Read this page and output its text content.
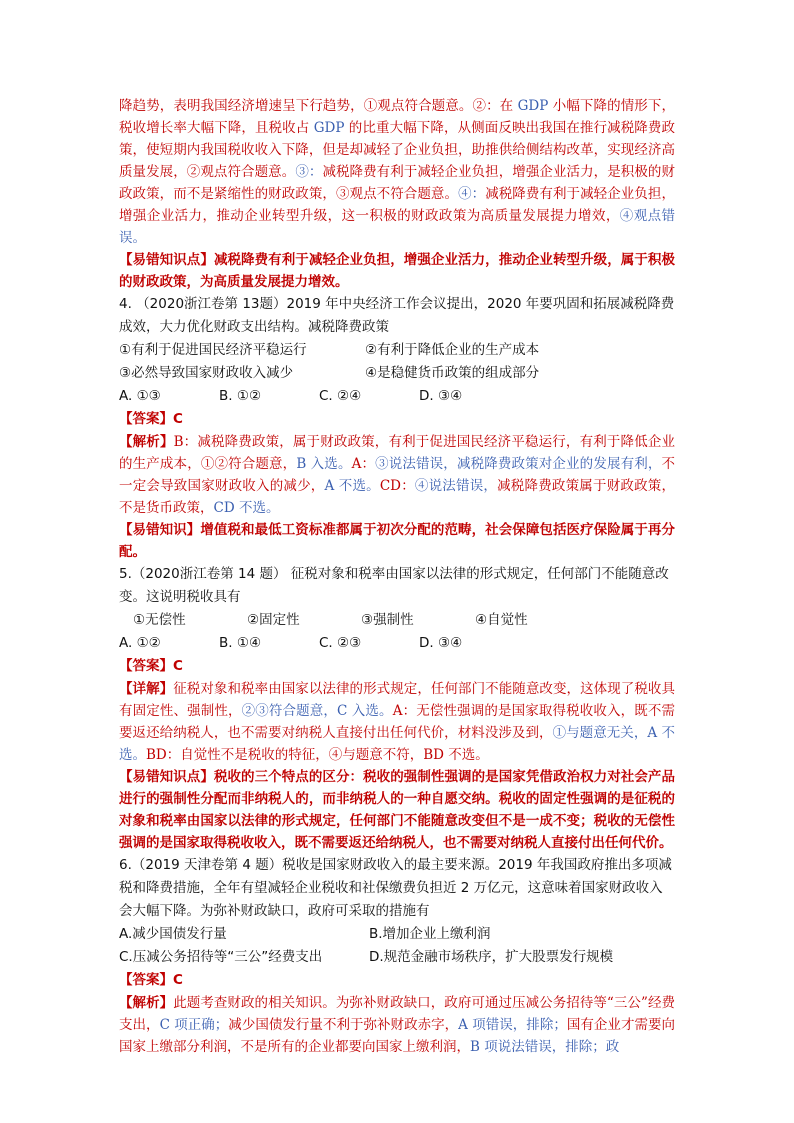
降趋势，表明我国经济增速呈下行趋势，①观点符合题意。②：在 GDP 小幅下降的情形下，税收增长率大幅下降，且税收占 GDP 的比重大幅下降，从侧面反映出我国在推行减税降费政策，使短期内我国税收收入下降，但是却减轻了企业负担，助推供给侧结构改革，实现经济高质量发展，②观点符合题意。③：减税降费有利于减轻企业负担，增强企业活力，是积极的财政政策，而不是紧缩性的财政政策，③观点不符合题意。④：减税降费有利于减轻企业负担，增强企业活力，推动企业转型升级，这一积极的财政政策为高质量发展提力增效，④观点错误。

【易错知识点】减税降费有利于减轻企业负担，增强企业活力，推动企业转型升级，属于积极的财政政策，为高质量发展提力增效。

4. （2020浙江卷第 13题）2019 年中央经济工作会议提出，2020 年要巩固和拓展减税降费成效，大力优化财政支出结构。减税降费政策

①有利于促进国民经济平稳运行	②有利于降低企业的生产成本
③必然导致国家财政收入减少	④是稳健货币政策的组成部分
A. ①③	B. ①②	C. ②④	D. ③④

【答案】C

【解析】B：减税降费政策，属于财政政策，有利于促进国民经济平稳运行，有利于降低企业的生产成本，①②符合题意，B 入选。A：③说法错误，减税降费政策对企业的发展有利，不一定会导致国家财政收入的减少，A 不选。CD：④说法错误，减税降费政策属于财政政策，不是货币政策，CD 不选。

【易错知识】增值税和最低工资标准都属于初次分配的范畴，社会保障包括医疗保险属于再分配。

5.（2020浙江卷第 14 题） 征税对象和税率由国家以法律的形式规定，任何部门不能随意改变。这说明税收具有

①无偿性	②固定性	③强制性	④自觉性
A. ①②	B. ①④	C. ②③	D. ③④

【答案】C

【详解】征税对象和税率由国家以法律的形式规定，任何部门不能随意改变，这体现了税收具有固定性、强制性，②③符合题意，C 入选。A：无偿性强调的是国家取得税收收入，既不需要返还给纳税人，也不需要对纳税人直接付出任何代价，材料没涉及到，①与题意无关，A 不选。BD：自觉性不是税收的特征，④与题意不符，BD 不选。

【易错知识点】税收的三个特点的区分：税收的强制性强调的是国家凭借政治权力对社会产品进行的强制性分配而非纳税人的，而非纳税人的一种自愿交纳。税收的固定性强调的是征税的对象和税率由国家以法律的形式规定，任何部门不能随意改变但不是一成不变；税收的无偿性强调的是国家取得税收收入，既不需要返还给纳税人，也不需要对纳税人直接付出任何代价。

6.（2019 天津卷第 4 题）税收是国家财政收入的最主要来源。2019 年我国政府推出多项减税和降费措施，全年有望减轻企业税收和社保缴费负担近 2 万亿元，这意味着国家财政收入会大幅下降。为弥补财政缺口，政府可采取的措施有

A.减少国债发行量	B.增加企业上缴利润
C.压减公务招待等“三公”经费支出	D.规范金融市场秩序，扩大股票发行规模

【答案】C

【解析】此题考查财政的相关知识。为弥补财政缺口，政府可通过压减公务招待等“三公”经费支出，C 项正确；减少国债发行量不利于弥补财政赤字，A 项错误，排除；国有企业才需要向国家上缴部分利润，不是所有的企业都要向国家上缴利润，B 项说法错误，排除；政
